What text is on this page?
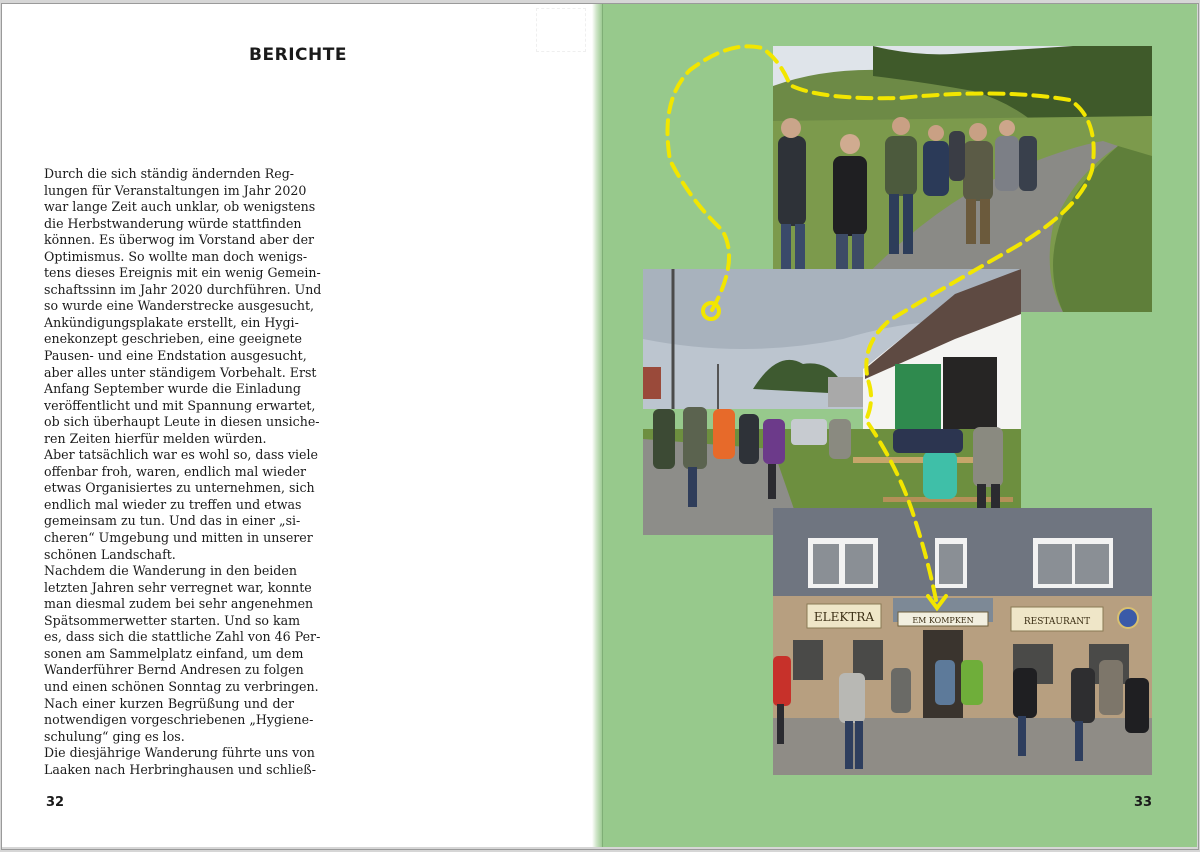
BERICHTE
Durch die sich ständig ändernden Reg-
lungen für Veranstaltungen im Jahr 2020
war lange Zeit auch unklar, ob wenigstens
die Herbstwanderung würde stattfinden
können. Es überwog im Vorstand aber der
Optimismus. So wollte man doch wenigs-
tens dieses Ereignis mit ein wenig Gemein-
schaftssinn im Jahr 2020 durchführen. Und
so wurde eine Wanderstrecke ausgesucht,
Ankündigungsplakate erstellt, ein Hygi-
enekonzept geschrieben, eine geeignete
Pausen- und eine Endstation ausgesucht,
aber alles unter ständigem Vorbehalt. Erst
Anfang September wurde die Einladung
veröffentlicht und mit Spannung erwartet,
ob sich überhaupt Leute in diesen unsiche-
ren Zeiten hierfür melden würden.
Aber tatsächlich war es wohl so, dass viele
offenbar froh, waren, endlich mal wieder
etwas Organisiertes zu unternehmen, sich
endlich mal wieder zu treffen und etwas
gemeinsam zu tun. Und das in einer „si-
cheren“ Umgebung und mitten in unserer
schönen Landschaft.
Nachdem die Wanderung in den beiden
letzten Jahren sehr verregnet war, konnte
man diesmal zudem bei sehr angenehmen
Spätsommerwetter starten. Und so kam
es, dass sich die stattliche Zahl von 46 Per-
sonen am Sammelplatz einfand, um dem
Wanderführer Bernd Andresen zu folgen
und einen schönen Sonntag zu verbringen.
Nach einer kurzen Begrüßung und der
notwendigen vorgeschriebenen „Hygiene-
schulung“ ging es los.
Die diesjährige Wanderung führte uns von
Laaken nach Herbringhausen und schließ-
32
ELEKTRA	EM KOMPKEN	RESTAURANT
33
